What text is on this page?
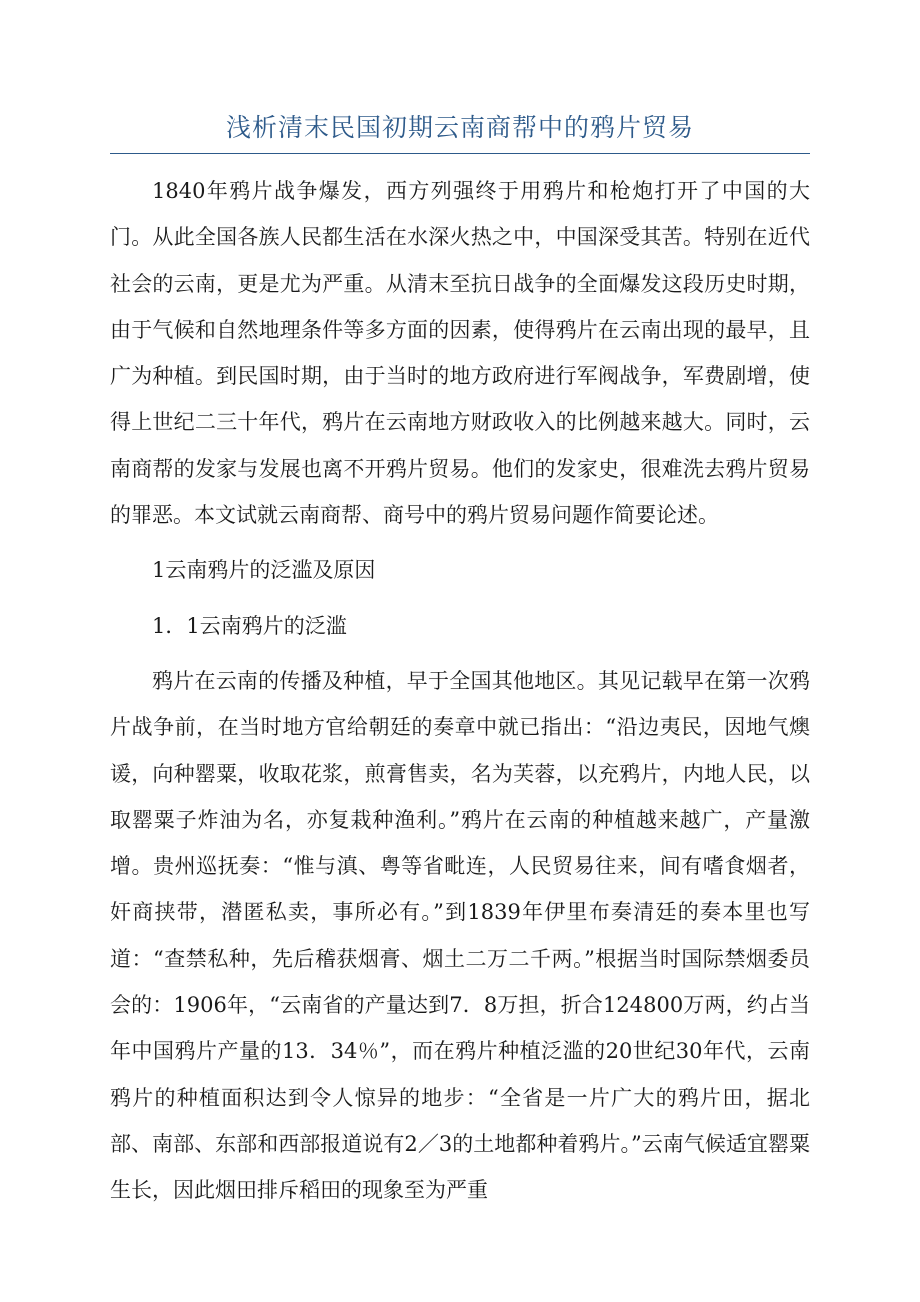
浅析清末民国初期云南商帮中的鸦片贸易

1840年鸦片战争爆发，西方列强终于用鸦片和枪炮打开了中国的大门。从此全国各族人民都生活在水深火热之中，中国深受其苦。特别在近代社会的云南，更是尤为严重。从清末至抗日战争的全面爆发这段历史时期，由于气候和自然地理条件等多方面的因素，使得鸦片在云南出现的最早，且广为种植。到民国时期，由于当时的地方政府进行军阀战争，军费剧增，使得上世纪二三十年代，鸦片在云南地方财政收入的比例越来越大。同时，云南商帮的发家与发展也离不开鸦片贸易。他们的发家史，很难洗去鸦片贸易的罪恶。本文试就云南商帮、商号中的鸦片贸易问题作简要论述。

1云南鸦片的泛滥及原因

1．1云南鸦片的泛滥

鸦片在云南的传播及种植，早于全国其他地区。其见记载早在第一次鸦片战争前，在当时地方官给朝廷的奏章中就已指出：“沿边夷民，因地气燠谖，向种罂粟，收取花浆，煎膏售卖，名为芙蓉，以充鸦片，内地人民，以取罂粟子炸油为名，亦复栽种渔利。”鸦片在云南的种植越来越广，产量激增。贵州巡抚奏：“惟与滇、粤等省毗连，人民贸易往来，间有嗜食烟者，奸商挟带，潜匿私卖，事所必有。”到1839年伊里布奏清廷的奏本里也写道：“查禁私种，先后稽获烟膏、烟土二万二千两。”根据当时国际禁烟委员会的：1906年，“云南省的产量达到7．8万担，折合124800万两，约占当年中国鸦片产量的13．34％”，而在鸦片种植泛滥的20世纪30年代，云南鸦片的种植面积达到令人惊异的地步：“全省是一片广大的鸦片田，据北部、南部、东部和西部报道说有2／3的土地都种着鸦片。”云南气候适宜罂粟生长，因此烟田排斥稻田的现象至为严重
